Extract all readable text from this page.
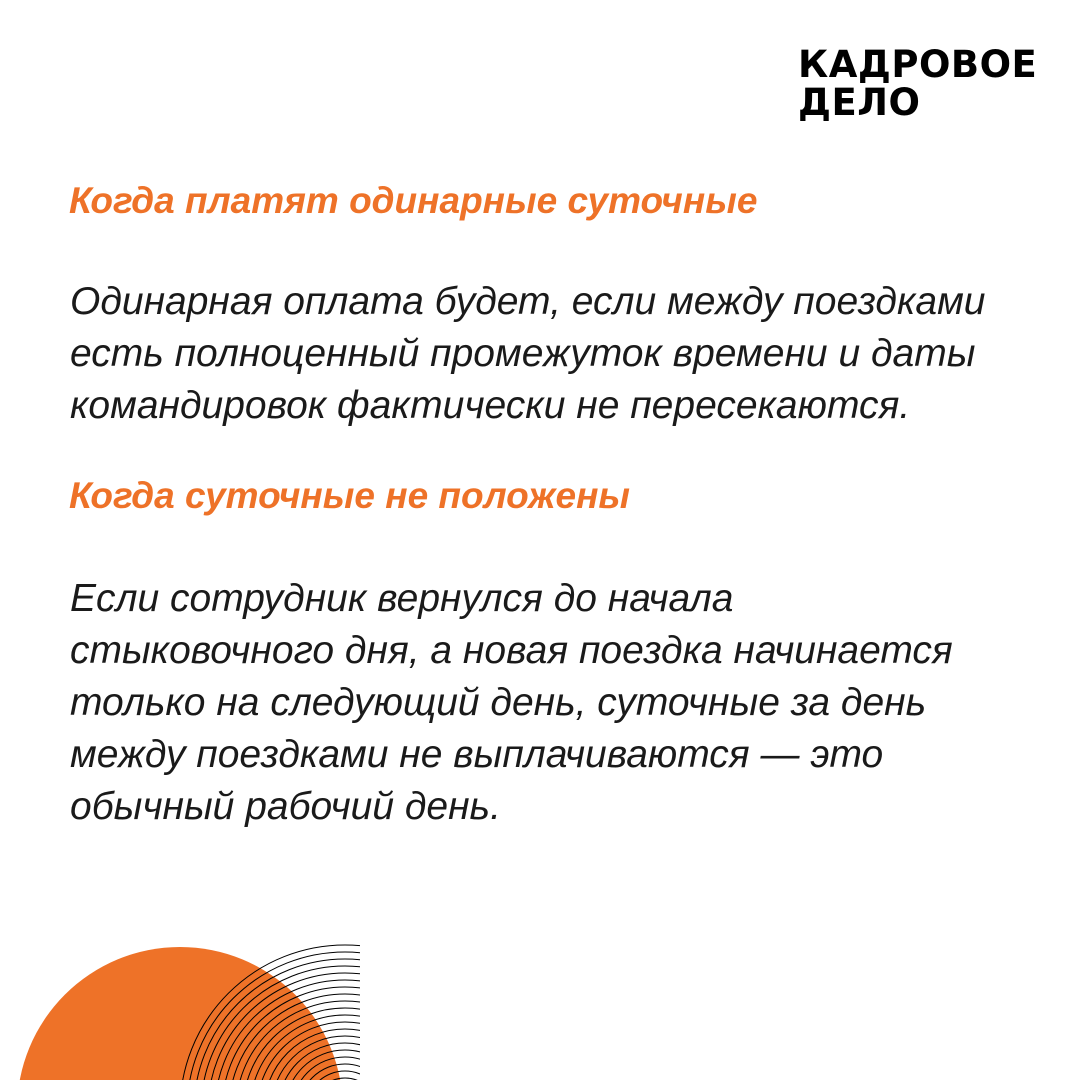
КАДРОВОЕ
ДЕЛО
Когда платят одинарные суточные

Одинарная оплата будет, если между поездками
есть полноценный промежуток времени и даты
командировок фактически не пересекаются.

Когда суточные не положены

Если сотрудник вернулся до начала
стыковочного дня, а новая поездка начинается
только на следующий день, суточные за день
между поездками не выплачиваются — это
обычный рабочий день.
